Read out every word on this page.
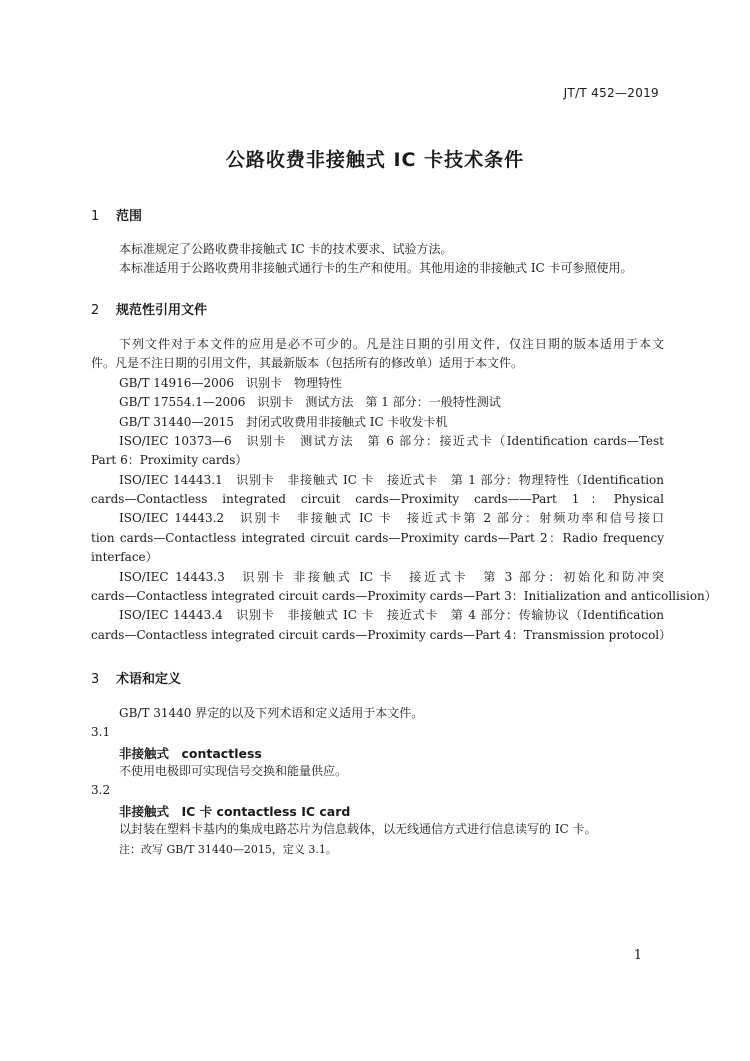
JT/T 452—2019
公路收费非接触式 IC 卡技术条件
1 范围
本标准规定了公路收费非接触式 IC 卡的技术要求、试验方法。
本标准适用于公路收费用非接触式通行卡的生产和使用。其他用途的非接触式 IC 卡可参照使用。
2 规范性引用文件
下列文件对于本文件的应用是必不可少的。凡是注日期的引用文件，仅注日期的版本适用于本文
件。凡是不注日期的引用文件，其最新版本（包括所有的修改单）适用于本文件。
GB/T 14916—2006　识别卡　物理特性
GB/T 17554.1—2006　识别卡　测试方法　第 1 部分：一般特性测试
GB/T 31440—2015　封闭式收费用非接触式 IC 卡收发卡机
ISO/IEC 10373—6　识别卡　测试方法　第 6 部分：接近式卡（Identification cards—Test
Part 6：Proximity cards）
ISO/IEC 14443.1　识别卡　非接触式 IC 卡　接近式卡　第 1 部分：物理特性（Identification
cards—Contactless integrated circuit cards—Proximity cards——Part 1：Physical
ISO/IEC 14443.2　识别卡　非接触式 IC 卡　接近式卡第 2 部分：射频功率和信号接口
tion cards—Contactless integrated circuit cards—Proximity cards—Part 2：Radio frequency
interface）
ISO/IEC 14443.3　识别卡 非接触式 IC 卡　接近式卡　第 3 部分：初始化和防冲突
cards—Contactless integrated circuit cards—Proximity cards—Part 3：Initialization and anticollision）
ISO/IEC 14443.4　识别卡　非接触式 IC 卡　接近式卡　第 4 部分：传输协议（Identification
cards—Contactless integrated circuit cards—Proximity cards—Part 4：Transmission protocol）
3 术语和定义
GB/T 31440 界定的以及下列术语和定义适用于本文件。
3.1
非接触式　contactless
不使用电极即可实现信号交换和能量供应。
3.2
非接触式　IC 卡 contactless IC card
以封装在塑料卡基内的集成电路芯片为信息载体，以无线通信方式进行信息读写的 IC 卡。
注：改写 GB/T 31440—2015，定义 3.1。
1
